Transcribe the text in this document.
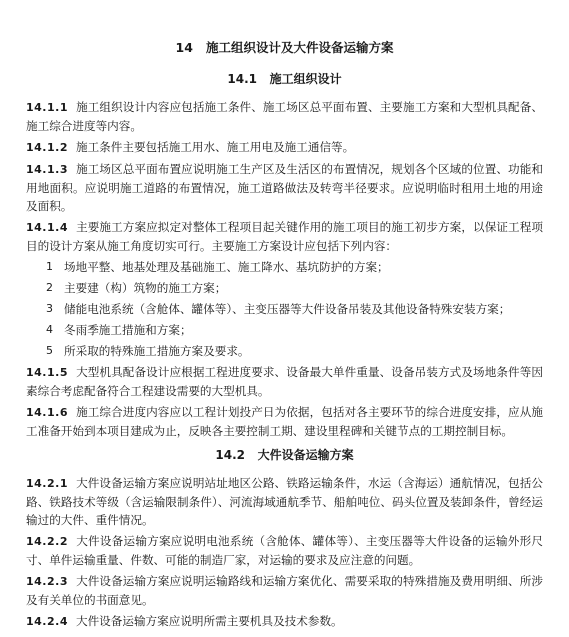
14 施工组织设计及大件设备运输方案
14.1 施工组织设计

14.1.1 施工组织设计内容应包括施工条件、施工场区总平面布置、主要施工方案和大型机具配备、施工综合进度等内容。

14.1.2 施工条件主要包括施工用水、施工用电及施工通信等。

14.1.3 施工场区总平面布置应说明施工生产区及生活区的布置情况，规划各个区域的位置、功能和用地面积。应说明施工道路的布置情况，施工道路做法及转弯半径要求。应说明临时租用土地的用途及面积。

14.1.4 主要施工方案应拟定对整体工程项目起关键作用的施工项目的施工初步方案，以保证工程项目的设计方案从施工角度切实可行。主要施工方案设计应包括下列内容：

1 场地平整、地基处理及基础施工、施工降水、基坑防护的方案；
2 主要建（构）筑物的施工方案；
3 储能电池系统（含舱体、罐体等）、主变压器等大件设备吊装及其他设备特殊安装方案；
4 冬雨季施工措施和方案；
5 所采取的特殊施工措施方案及要求。

14.1.5 大型机具配备设计应根据工程进度要求、设备最大单件重量、设备吊装方式及场地条件等因素综合考虑配备符合工程建设需要的大型机具。

14.1.6 施工综合进度内容应以工程计划投产日为依据，包括对各主要环节的综合进度安排，应从施工准备开始到本项目建成为止，反映各主要控制工期、建设里程碑和关键节点的工期控制目标。

14.2 大件设备运输方案

14.2.1 大件设备运输方案应说明站址地区公路、铁路运输条件，水运（含海运）通航情况，包括公路、铁路技术等级（含运输限制条件）、河流海域通航季节、船舶吨位、码头位置及装卸条件，曾经运输过的大件、重件情况。

14.2.2 大件设备运输方案应说明电池系统（含舱体、罐体等）、主变压器等大件设备的运输外形尺寸、单件运输重量、件数、可能的制造厂家，对运输的要求及应注意的问题。

14.2.3 大件设备运输方案应说明运输路线和运输方案优化、需要采取的特殊措施及费用明细、所涉及有关单位的书面意见。

14.2.4 大件设备运输方案应说明所需主要机具及技术参数。
